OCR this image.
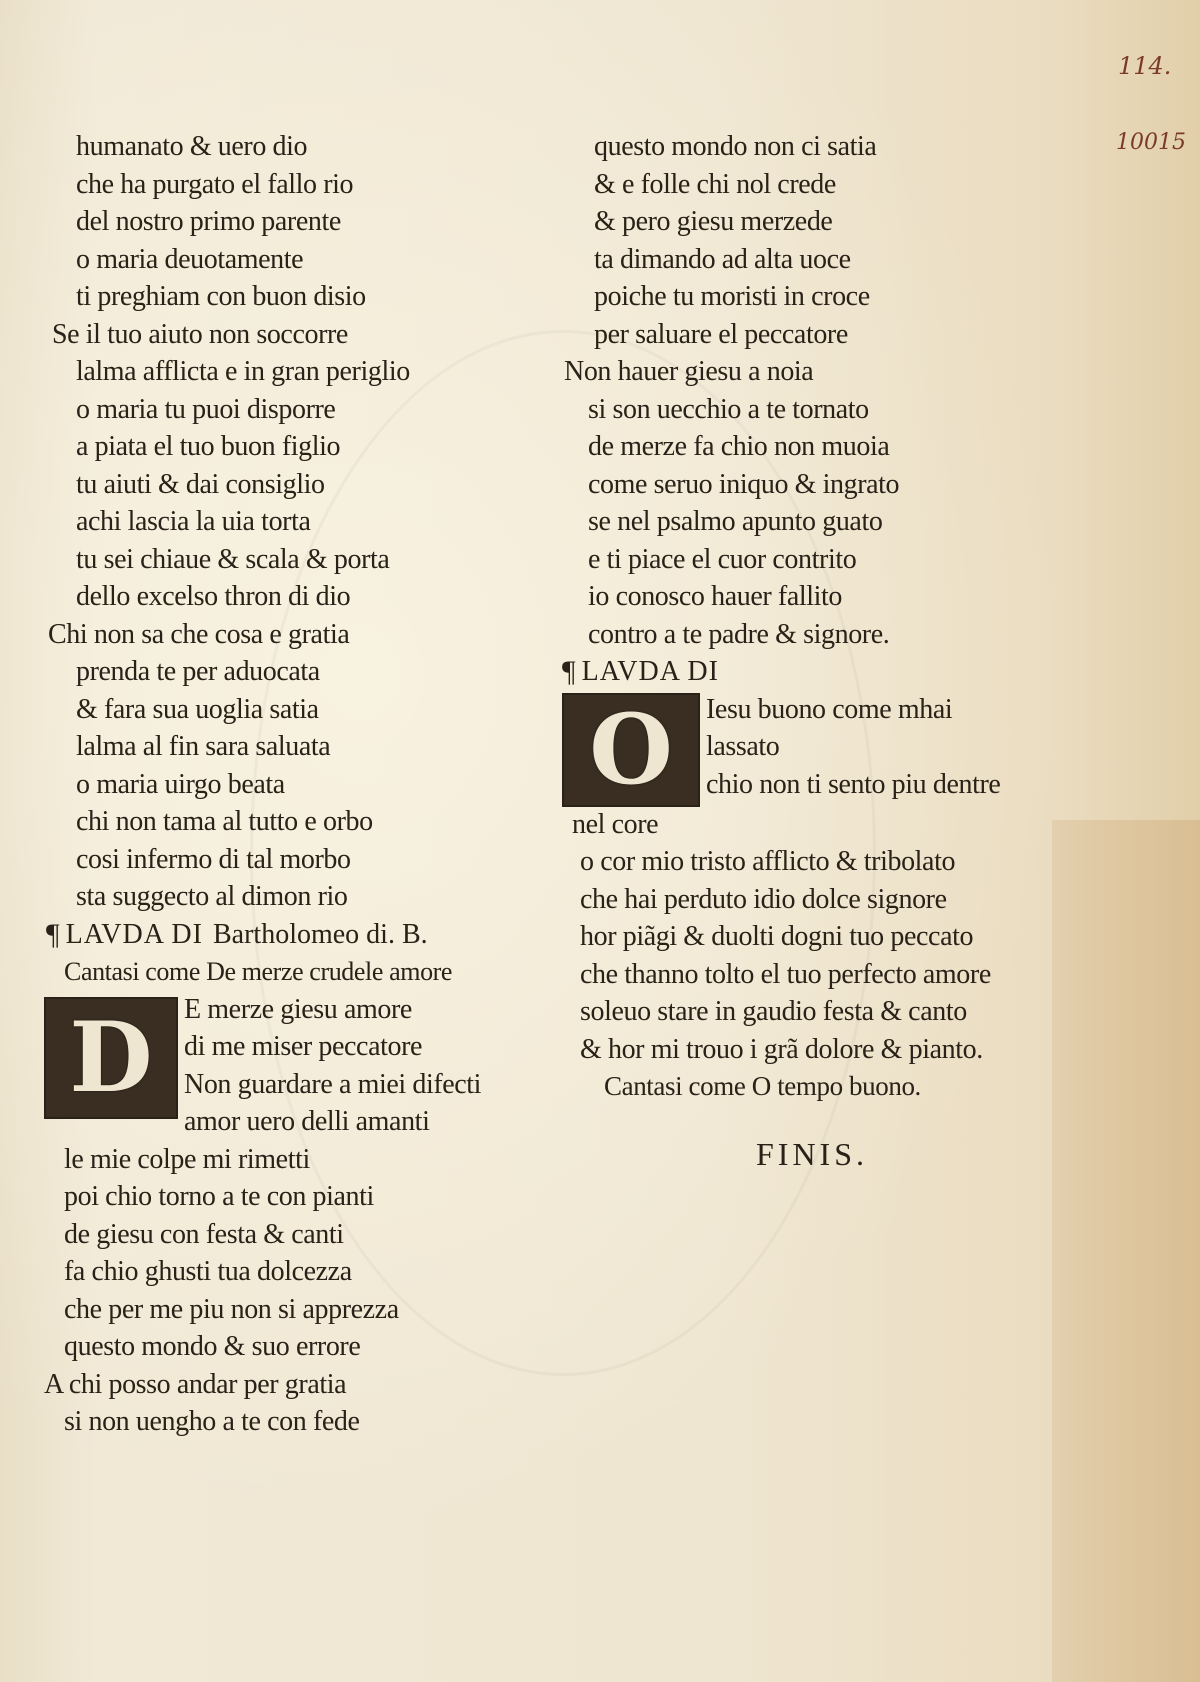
114.
10015
humanato & uero dio
che ha purgato el fallo rio
del nostro primo parente
o maria deuotamente
ti preghiam con buon disio
Se il tuo aiuto non soccorre
lalma afflicta e in gran periglio
o maria tu puoi disporre
a piata el tuo buon figlio
tu aiuti & dai consiglio
achi lascia la uia torta
tu sei chiaue & scala & porta
dello excelso thron di dio
Chi non sa che cosa e gratia
prenda te per aduocata
& fara sua uoglia satia
lalma al fin sara saluata
o maria uirgo beata
chi non tama al tutto e orbo
cosi infermo di tal morbo
sta suggecto al dimon rio
¶ LAVDA DI Bartholomeo di. B.
Cantasi come De merze crudele amore
D E merze giesu amore
di me miser peccatore
Non guardare a miei difecti
amor uero delli amanti
le mie colpe mi rimetti
poi chio torno a te con pianti
de giesu con festa & canti
fa chio ghusti tua dolcezza
che per me piu non si apprezza
questo mondo & suo errore
A chi posso andar per gratia
si non uengho a te con fede
questo mondo non ci satia
& e folle chi nol crede
& pero giesu merzede
ta dimando ad alta uoce
poiche tu moristi in croce
per saluare el peccatore
Non hauer giesu a noia
si son uecchio a te tornato
de merze fa chio non muoia
come seruo iniquo & ingrato
se nel psalmo apunto guato
e ti piace el cuor contrito
io conosco hauer fallito
contro a te padre & signore.
¶ LAVDA DI
O Iesu buono come mhai
lassato
chio non ti sento piu dentre
nel core
o cor mio tristo afflicto & tribolato
che hai perduto idio dolce signore
hor piãgi & duolti dogni tuo peccato
che thanno tolto el tuo perfecto amore
soleuo stare in gaudio festa & canto
& hor mi trouo i grã dolore & pianto.
Cantasi come O tempo buono.
FINIS.
